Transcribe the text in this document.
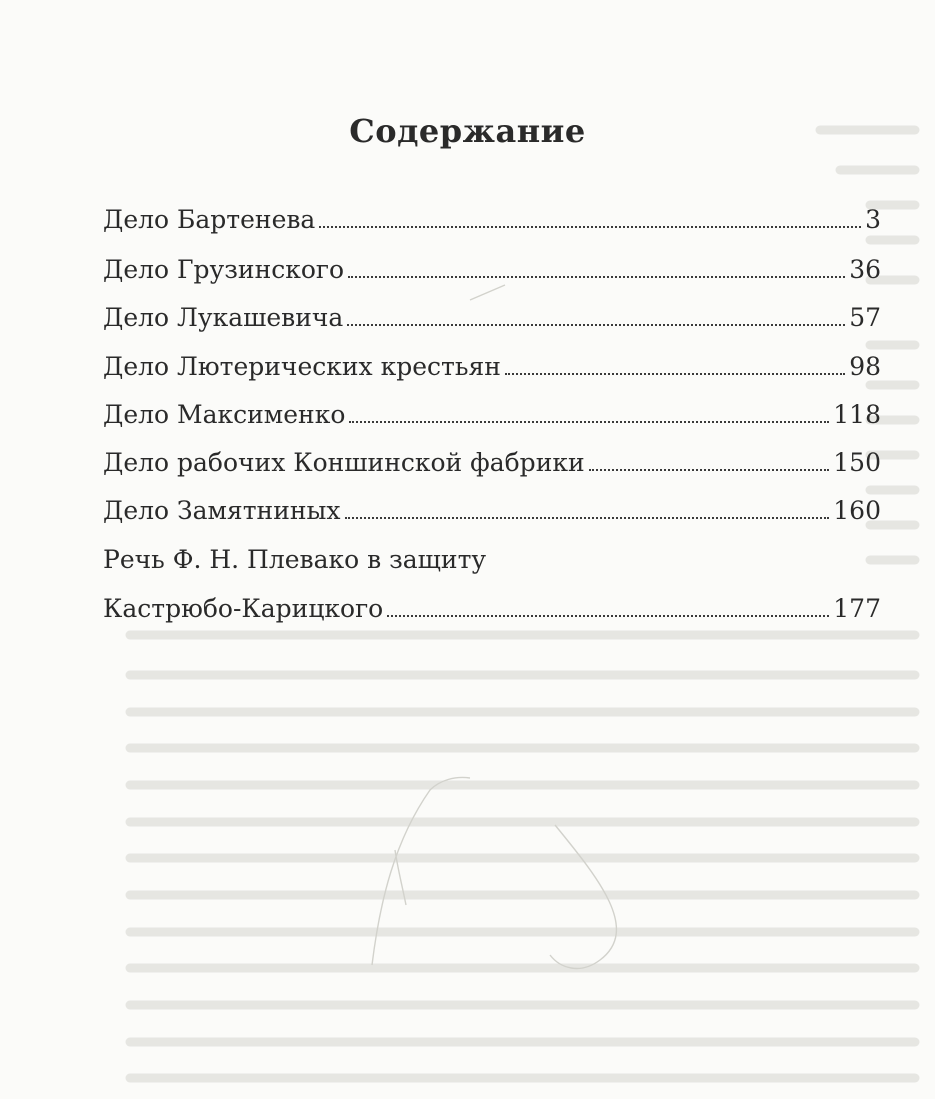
Содержание
Дело Бартенева	3
Дело Грузинского	36
Дело Лукашевича	57
Дело Лютерических крестьян	98
Дело Максименко	118
Дело рабочих Коншинской фабрики	150
Дело Замятниных	160
Речь Ф. Н. Плевако в защиту
Кастрюбо-Карицкого	177
